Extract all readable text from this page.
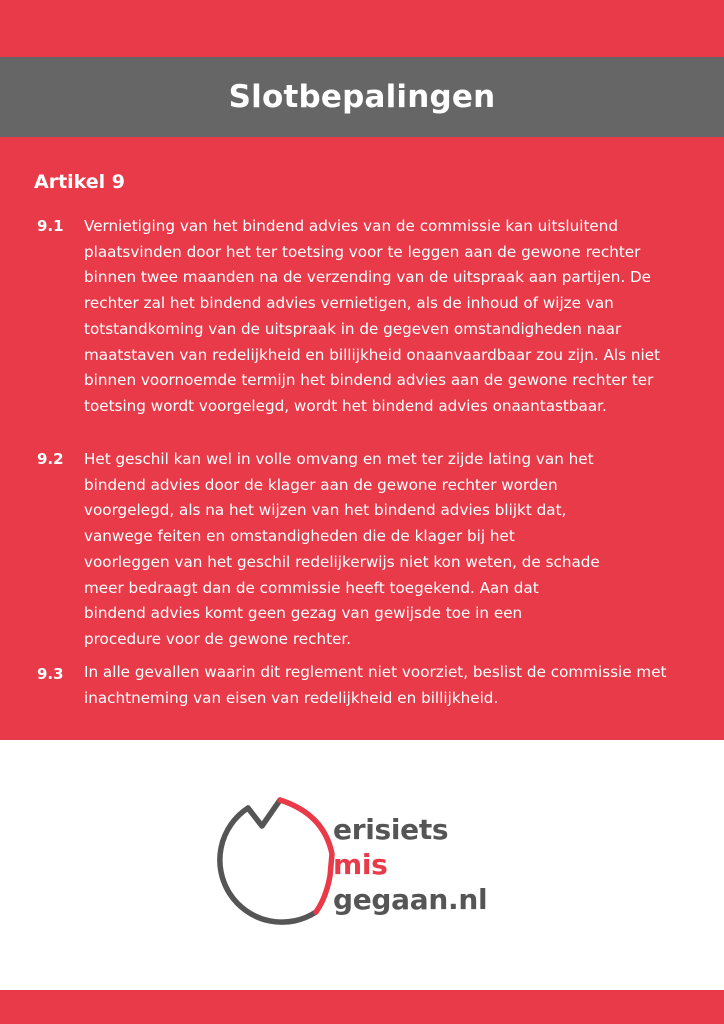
Slotbepalingen
Artikel 9
9.1 Vernietiging van het bindend advies van de commissie kan uitsluitend
plaatsvinden door het ter toetsing voor te leggen aan de gewone rechter
binnen twee maanden na de verzending van de uitspraak aan partijen. De
rechter zal het bindend advies vernietigen, als de inhoud of wijze van
totstandkoming van de uitspraak in de gegeven omstandigheden naar
maatstaven van redelijkheid en billijkheid onaanvaardbaar zou zijn. Als niet
binnen voornoemde termijn het bindend advies aan de gewone rechter ter
toetsing wordt voorgelegd, wordt het bindend advies onaantastbaar.

9.2 Het geschil kan wel in volle omvang en met ter zijde lating van het
bindend advies door de klager aan de gewone rechter worden
voorgelegd, als na het wijzen van het bindend advies blijkt dat,
vanwege feiten en omstandigheden die de klager bij het
voorleggen van het geschil redelijkerwijs niet kon weten, de schade
meer bedraagt dan de commissie heeft toegekend. Aan dat
bindend advies komt geen gezag van gewijsde toe in een
procedure voor de gewone rechter.

9.3 In alle gevallen waarin dit reglement niet voorziet, beslist de commissie met
inachtneming van eisen van redelijkheid en billijkheid.

erisiets
mis
gegaan.nl
